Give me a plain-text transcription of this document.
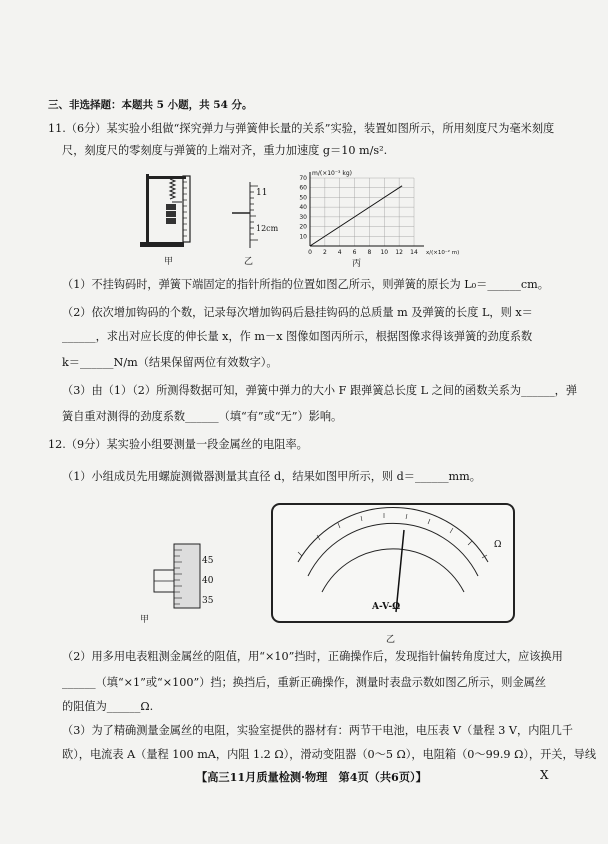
三、非选择题：本题共 5 小题，共 54 分。
11.（6分）某实验小组做“探究弹力与弹簧伸长量的关系”实验，装置如图所示，所用刻度尺为毫米刻度
尺，刻度尺的零刻度与弹簧的上端对齐，重力加速度 g＝10 m/s².
甲
11
12cm
乙
0 2 4 6 8 10 12 14
10
20
30
40
50
60
70
m/(×10⁻³ kg)
x/(×10⁻² m)
丙
（1）不挂钩码时，弹簧下端固定的指针所指的位置如图乙所示，则弹簧的原长为 L₀＝______cm。
（2）依次增加钩码的个数，记录每次增加钩码后悬挂钩码的总质量 m 及弹簧的长度 L，则 x＝
______，求出对应长度的伸长量 x，作 m－x 图像如图丙所示，根据图像求得该弹簧的劲度系数
k＝______N/m（结果保留两位有效数字）。
（3）由（1）（2）所测得数据可知，弹簧中弹力的大小 F 跟弹簧总长度 L 之间的函数关系为______，弹
簧自重对测得的劲度系数______（填“有”或“无”）影响。
12.（9分）某实验小组要测量一段金属丝的电阻率。
（1）小组成员先用螺旋测微器测量其直径 d，结果如图甲所示，则 d＝______mm。
45
40
35
甲
Ω
A-V-Ω
乙
（2）用多用电表粗测金属丝的阻值，用“×10”挡时，正确操作后，发现指针偏转角度过大，应该换用
______（填“×1”或“×100”）挡；换挡后，重新正确操作，测量时表盘示数如图乙所示，则金属丝
的阻值为______Ω.
（3）为了精确测量金属丝的电阻，实验室提供的器材有：两节干电池，电压表 V（量程 3 V，内阻几千
欧），电流表 A（量程 100 mA，内阻 1.2 Ω），滑动变阻器（0～5 Ω），电阻箱（0～99.9 Ω），开关，导线
【高三11月质量检测·物理　第4页（共6页）】	X
